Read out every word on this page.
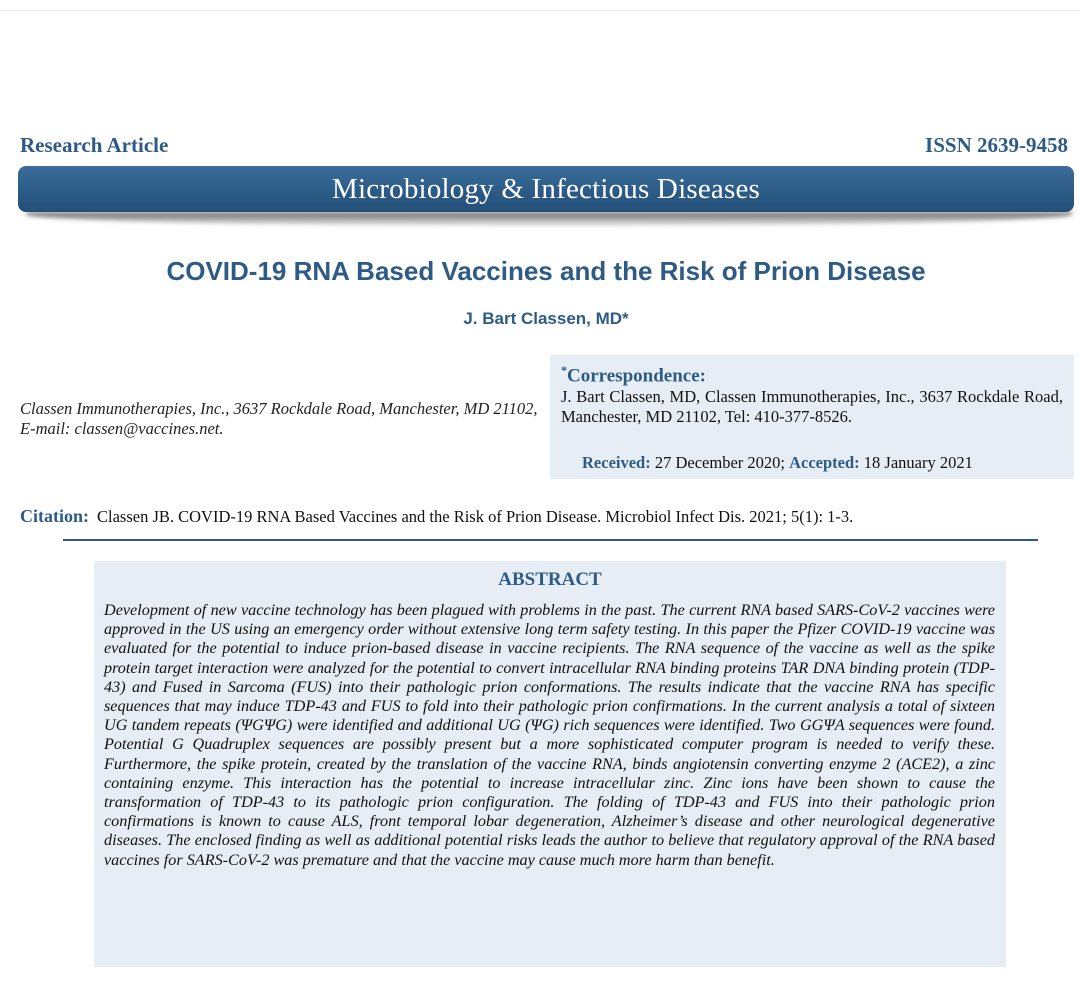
Research Article	ISSN 2639-9458
Microbiology & Infectious Diseases
COVID-19 RNA Based Vaccines and the Risk of Prion Disease
J. Bart Classen, MD*
Classen Immunotherapies, Inc., 3637 Rockdale Road, Manchester, MD 21102, E-mail: classen@vaccines.net.
*Correspondence:
J. Bart Classen, MD, Classen Immunotherapies, Inc., 3637 Rockdale Road, Manchester, MD 21102, Tel: 410-377-8526.
Received: 27 December 2020; Accepted: 18 January 2021
Citation: Classen JB. COVID-19 RNA Based Vaccines and the Risk of Prion Disease. Microbiol Infect Dis. 2021; 5(1): 1-3.
ABSTRACT
Development of new vaccine technology has been plagued with problems in the past. The current RNA based SARS-CoV-2 vaccines were approved in the US using an emergency order without extensive long term safety testing. In this paper the Pfizer COVID-19 vaccine was evaluated for the potential to induce prion-based disease in vaccine recipients. The RNA sequence of the vaccine as well as the spike protein target interaction were analyzed for the potential to convert intracellular RNA binding proteins TAR DNA binding protein (TDP-43) and Fused in Sarcoma (FUS) into their pathologic prion conformations. The results indicate that the vaccine RNA has specific sequences that may induce TDP-43 and FUS to fold into their pathologic prion confirmations. In the current analysis a total of sixteen UG tandem repeats (ΨGΨG) were identified and additional UG (ΨG) rich sequences were identified. Two GGΨA sequences were found. Potential G Quadruplex sequences are possibly present but a more sophisticated computer program is needed to verify these. Furthermore, the spike protein, created by the translation of the vaccine RNA, binds angiotensin converting enzyme 2 (ACE2), a zinc containing enzyme. This interaction has the potential to increase intracellular zinc. Zinc ions have been shown to cause the transformation of TDP-43 to its pathologic prion configuration. The folding of TDP-43 and FUS into their pathologic prion confirmations is known to cause ALS, front temporal lobar degeneration, Alzheimer’s disease and other neurological degenerative diseases. The enclosed finding as well as additional potential risks leads the author to believe that regulatory approval of the RNA based vaccines for SARS-CoV-2 was premature and that the vaccine may cause much more harm than benefit.
